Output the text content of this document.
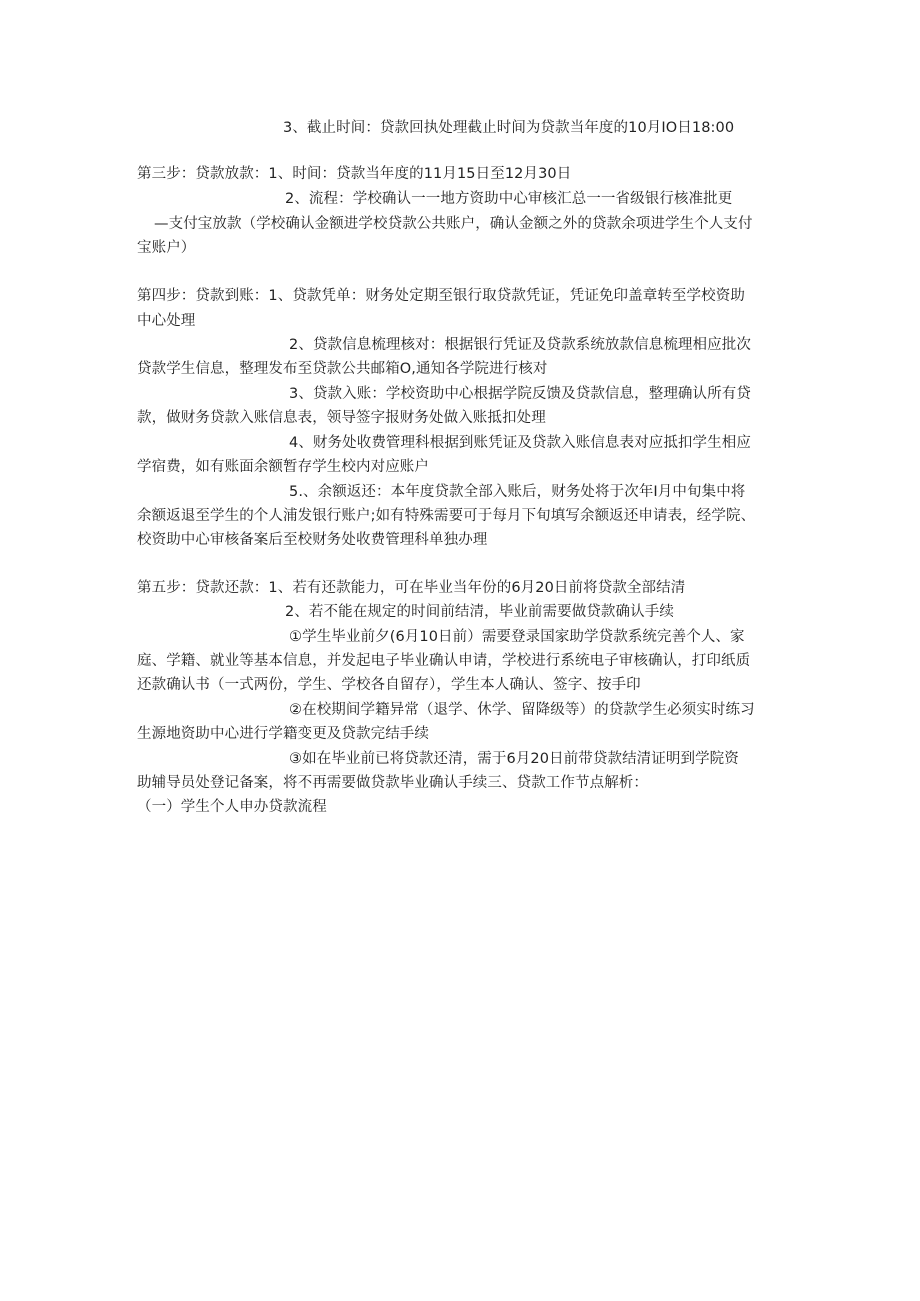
3、截止时间：贷款回执处理截止时间为贷款当年度的10月IO日18:00
第三步：贷款放款：1、时间：贷款当年度的11月15日至12月30日
2、流程：学校确认一一地方资助中心审核汇总一一省级银行核准批更
—支付宝放款（学校确认金额进学校贷款公共账户，确认金额之外的贷款余项进学生个人支付
宝账户）
第四步：贷款到账：1、贷款凭单：财务处定期至银行取贷款凭证，凭证免印盖章转至学校资助
中心处理
2、贷款信息梳理核对：根据银行凭证及贷款系统放款信息梳理相应批次
贷款学生信息，整理发布至贷款公共邮箱O,通知各学院进行核对
3、贷款入账：学校资助中心根据学院反馈及贷款信息，整理确认所有贷
款，做财务贷款入账信息表，领导签字报财务处做入账抵扣处理
4、财务处收费管理科根据到账凭证及贷款入账信息表对应抵扣学生相应
学宿费，如有账面余额暂存学生校内对应账户
5.、余额返还：本年度贷款全部入账后，财务处将于次年I月中旬集中将
余额返退至学生的个人浦发银行账户;如有特殊需要可于每月下旬填写余额返还申请表，经学院、
校资助中心审核备案后至校财务处收费管理科单独办理
第五步：贷款还款：1、若有还款能力，可在毕业当年份的6月20日前将贷款全部结清
2、若不能在规定的时间前结清，毕业前需要做贷款确认手续
①学生毕业前夕(6月10日前）需要登录国家助学贷款系统完善个人、家
庭、学籍、就业等基本信息，并发起电子毕业确认申请，学校进行系统电子审核确认，打印纸质
还款确认书（一式两份，学生、学校各自留存），学生本人确认、签字、按手印
②在校期间学籍异常（退学、休学、留降级等）的贷款学生必须实时练习
生源地资助中心进行学籍变更及贷款完结手续
③如在毕业前已将贷款还清，需于6月20日前带贷款结清证明到学院资
助辅导员处登记备案，将不再需要做贷款毕业确认手续三、贷款工作节点解析：
（一）学生个人申办贷款流程
